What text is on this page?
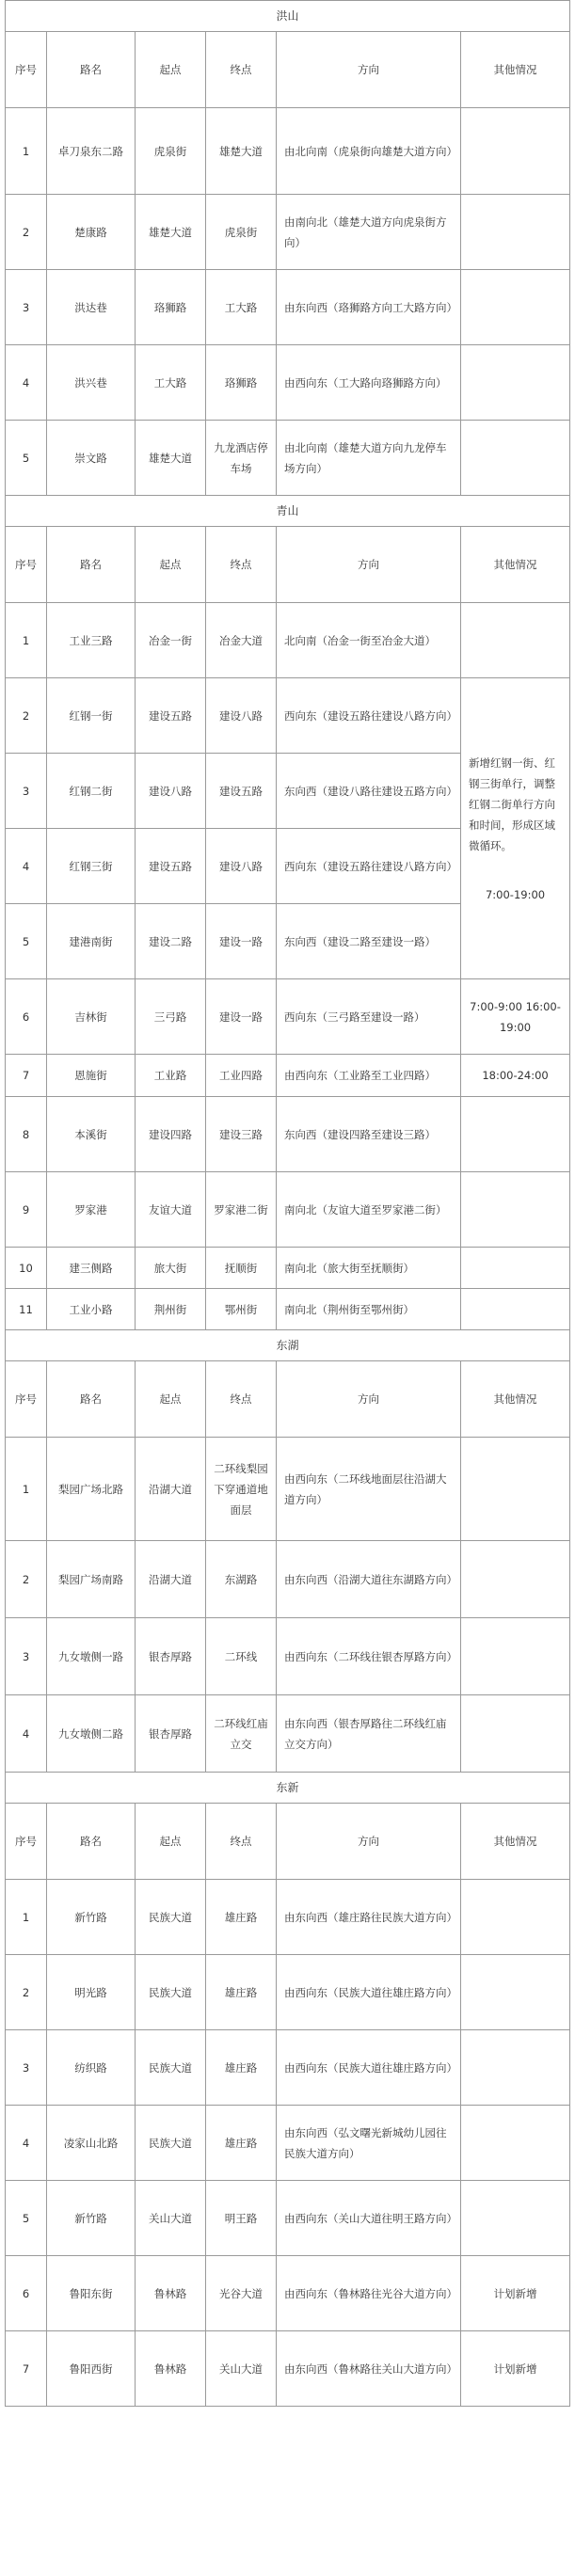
洪山					
序号	路名	起点	终点	方向	其他情况
1	卓刀泉东二路	虎泉街	雄楚大道	由北向南（虎泉街向雄楚大道方向）	
2	楚康路	雄楚大道	虎泉街	由南向北（雄楚大道方向虎泉街方向）	
3	洪达巷	珞狮路	工大路	由东向西（珞狮路方向工大路方向）	
4	洪兴巷	工大路	珞狮路	由西向东（工大路向珞狮路方向）	
5	崇文路	雄楚大道	九龙酒店停车场	由北向南（雄楚大道方向九龙停车场方向）	
青山					
序号	路名	起点	终点	方向	其他情况
1	工业三路	冶金一街	冶金大道	北向南（冶金一街至冶金大道）	
2	红钢一街	建设五路	建设八路	西向东（建设五路往建设八路方向）	新增红钢一街、红钢三街单行，调整红钢二街单行方向和时间，形成区域微循环。
7:00-19:00

3	红钢二街	建设八路	建设五路	东向西（建设八路往建设五路方向）	
4	红钢三街	建设五路	建设八路	西向东（建设五路往建设八路方向）	
5	建港南街	建设二路	建设一路	东向西（建设二路至建设一路）	
6	吉林街	三弓路	建设一路	西向东（三弓路至建设一路）	7:00-9:00 16:00-19:00
7	恩施街	工业路	工业四路	由西向东（工业路至工业四路）	18:00-24:00
8	本溪街	建设四路	建设三路	东向西（建设四路至建设三路）	
9	罗家港	友谊大道	罗家港二街	南向北（友谊大道至罗家港二街）	
10	建三侧路	旅大街	抚顺街	南向北（旅大街至抚顺街）	
11	工业小路	荆州街	鄂州街	南向北（荆州街至鄂州街）	
东湖					
序号	路名	起点	终点	方向	其他情况
1	梨园广场北路	沿湖大道	二环线梨园下穿通道地面层	由西向东（二环线地面层往沿湖大道方向）	
2	梨园广场南路	沿湖大道	东湖路	由东向西（沿湖大道往东湖路方向）	
3	九女墩侧一路	银杏厚路	二环线	由西向东（二环线往银杏厚路方向）	
4	九女墩侧二路	银杏厚路	二环线红庙立交	由东向西（银杏厚路往二环线红庙立交方向）	
东新					
序号	路名	起点	终点	方向	其他情况
1	新竹路	民族大道	雄庄路	由东向西（雄庄路往民族大道方向）	
2	明光路	民族大道	雄庄路	由西向东（民族大道往雄庄路方向）	
3	纺织路	民族大道	雄庄路	由西向东（民族大道往雄庄路方向）	
4	凌家山北路	民族大道	雄庄路	由东向西（弘文曙光新城幼儿园往民族大道方向）	
5	新竹路	关山大道	明王路	由西向东（关山大道往明王路方向）	
6	鲁阳东街	鲁林路	光谷大道	由西向东（鲁林路往光谷大道方向）	计划新增
7	鲁阳西街	鲁林路	关山大道	由东向西（鲁林路往关山大道方向）	计划新增
